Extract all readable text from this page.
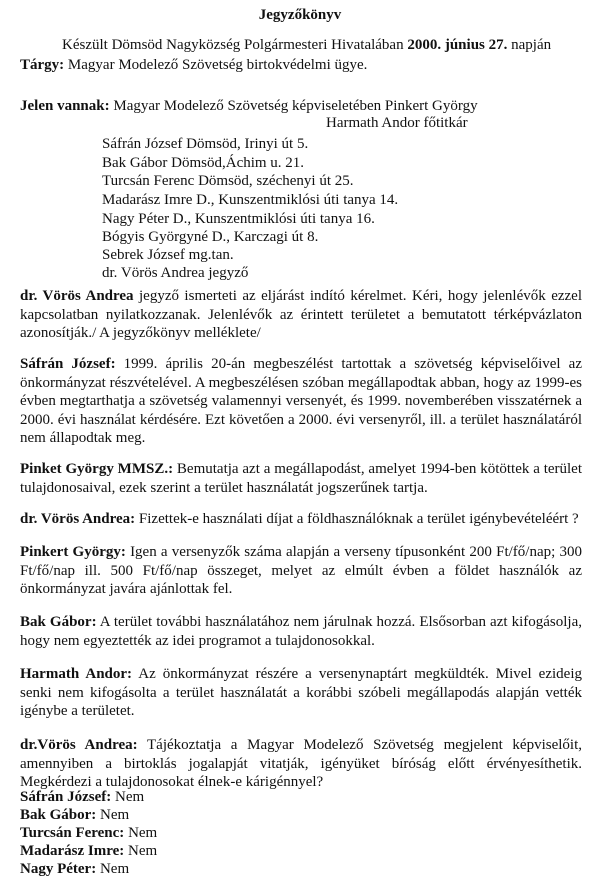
Jegyzőkönyv
Készült Dömsöd Nagyközség Polgármesteri Hivatalában 2000. június 27. napján
Tárgy: Magyar Modelező Szövetség birtokvédelmi ügye.
Jelen vannak: Magyar Modelező Szövetség képviseletében Pinkert György
Harmath Andor főtitkár
Sáfrán József Dömsöd, Irinyi út 5.
Bak Gábor Dömsöd,Áchim u. 21.
Turcsán Ferenc Dömsöd, széchenyi út 25.
Madarász Imre D., Kunszentmiklósi úti tanya 14.
Nagy Péter D., Kunszentmiklósi úti tanya 16.
Bógyis Györgyné D., Karczagi út 8.
Sebrek József mg.tan.
dr. Vörös Andrea jegyző
dr. Vörös Andrea jegyző ismerteti az eljárást indító kérelmet. Kéri, hogy jelenlévők ezzel kapcsolatban nyilatkozzanak. Jelenlévők az érintett területet a bemutatott térképvázlaton azonosítják./ A jegyzőkönyv melléklete/
Sáfrán József: 1999. április 20-án megbeszélést tartottak a szövetség képviselőivel az önkormányzat részvételével. A megbeszélésen szóban megállapodtak abban, hogy az 1999-es évben megtarthatja a szövetség valamennyi versenyét, és 1999. novemberében visszatérnek a 2000. évi használat kérdésére. Ezt követően a 2000. évi versenyről, ill. a terület használatáról nem állapodtak meg.
Pinket György MMSZ.: Bemutatja azt a megállapodást, amelyet 1994-ben kötöttek a terület tulajdonosaival, ezek szerint a terület használatát jogszerűnek tartja.
dr. Vörös Andrea: Fizettek-e használati díjat a földhasználóknak a terület igénybevételéért ?
Pinkert György: Igen a versenyzők száma alapján a verseny típusonként 200 Ft/fő/nap; 300 Ft/fő/nap ill. 500 Ft/fő/nap összeget, melyet az elmúlt évben a földet használók az önkormányzat javára ajánlottak fel.
Bak Gábor: A terület további használatához nem járulnak hozzá. Elsősorban azt kifogásolja, hogy nem egyeztették az idei programot a tulajdonosokkal.
Harmath Andor: Az önkormányzat részére a versenynaptárt megküldték. Mivel ezideig senki nem kifogásolta a terület használatát a korábbi szóbeli megállapodás alapján vették igénybe a területet.
dr.Vörös Andrea: Tájékoztatja a Magyar Modelező Szövetség megjelent képviselőit, amennyiben a birtoklás jogalapját vitatják, igényüket bíróság előtt érvényesíthetik. Megkérdezi a tulajdonosokat élnek-e kárigénnyel?
Sáfrán József: Nem
Bak Gábor: Nem
Turcsán Ferenc: Nem
Madarász Imre: Nem
Nagy Péter: Nem
